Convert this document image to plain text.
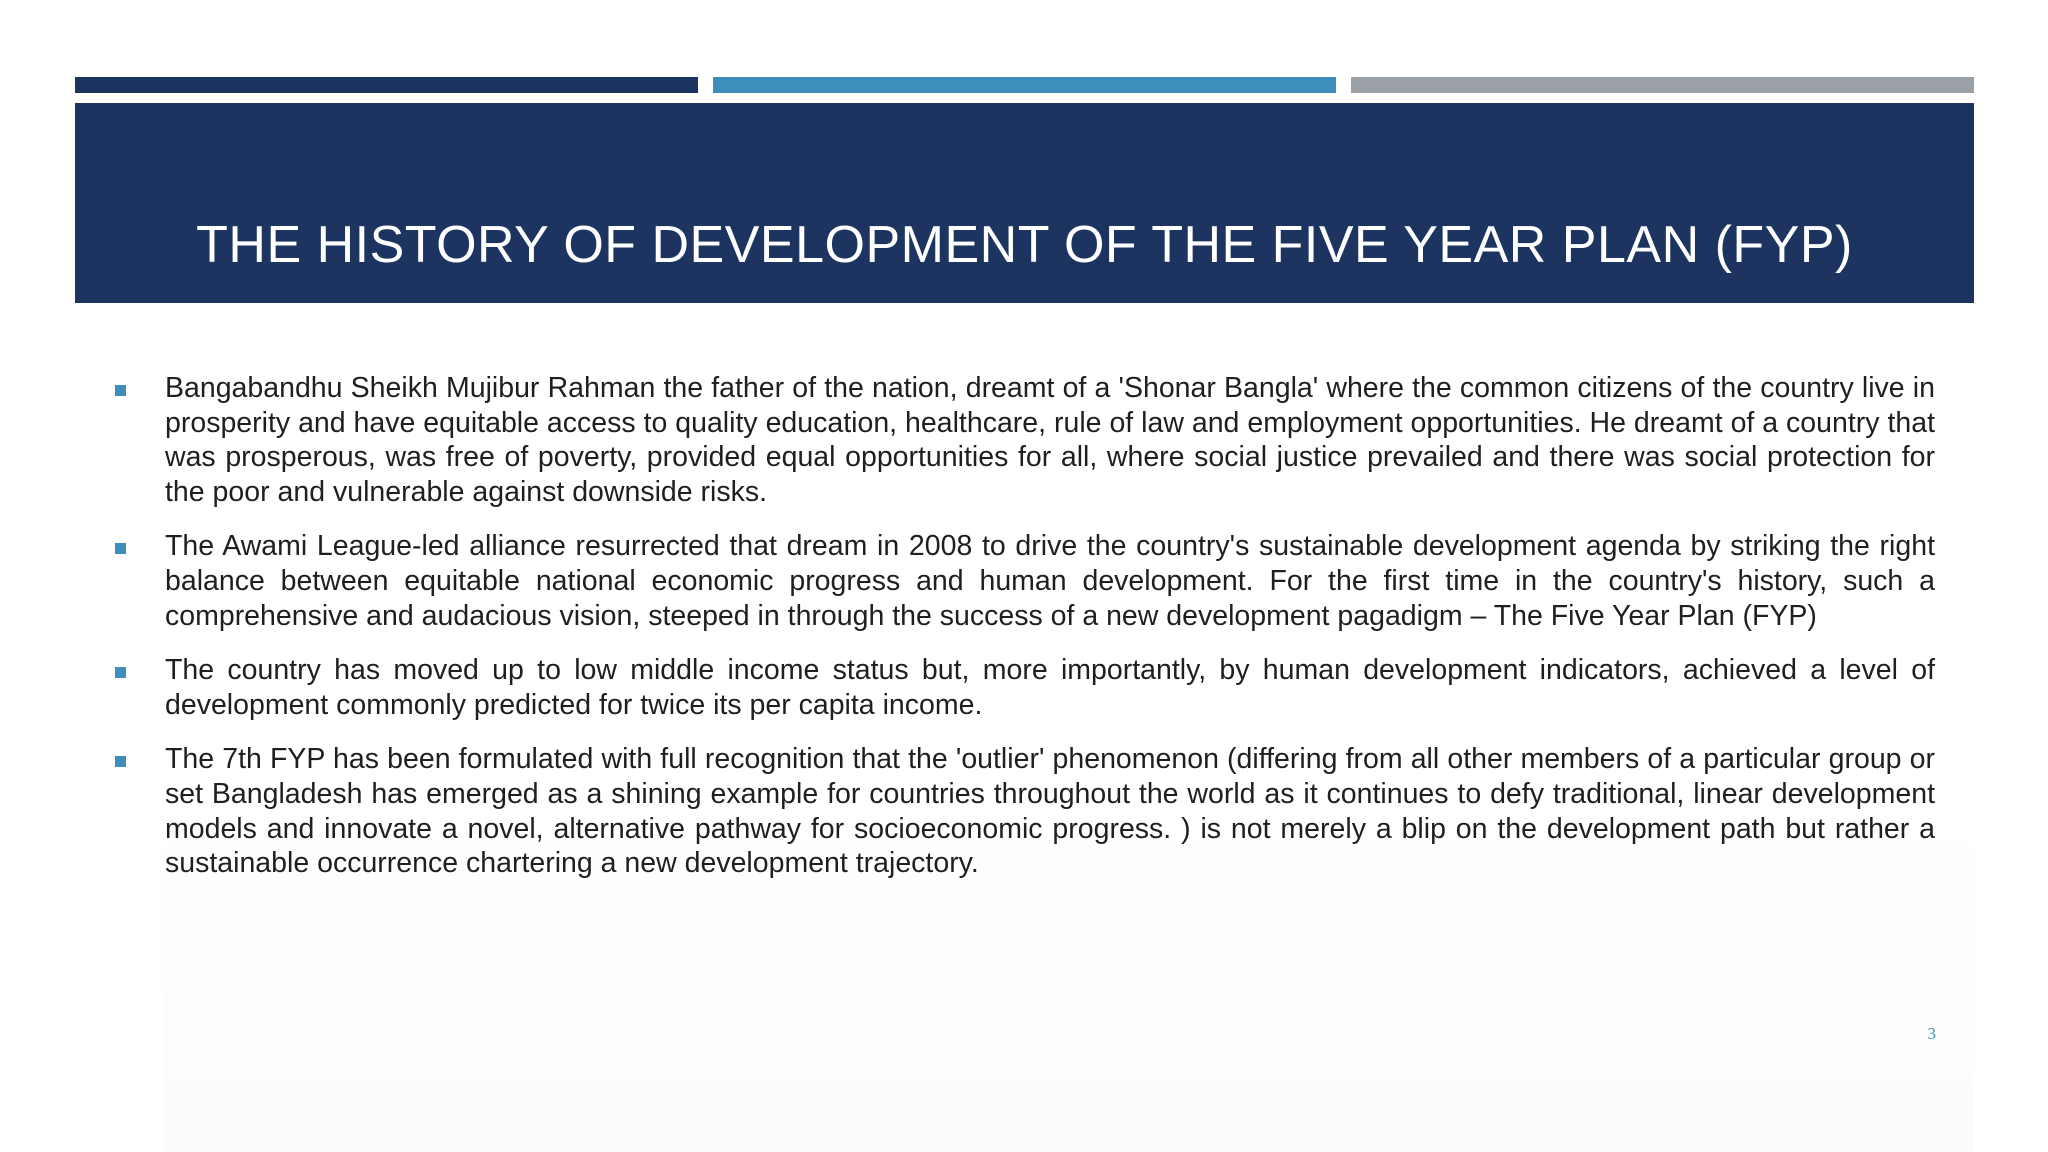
THE HISTORY OF DEVELOPMENT OF THE FIVE YEAR PLAN (FYP)
Bangabandhu Sheikh Mujibur Rahman the father of the nation, dreamt of a 'Shonar Bangla' where the common citizens of the country live in prosperity and have equitable access to quality education, healthcare, rule of law and employment opportunities. He dreamt of a country that was prosperous, was free of poverty, provided equal opportunities for all, where social justice prevailed and there was social protection for the poor and vulnerable against downside risks.
The Awami League-led alliance resurrected that dream in 2008 to drive the country's sustainable development agenda by striking the right balance between equitable national economic progress and human development. For the first time in the country's history, such a comprehensive and audacious vision, steeped in through the success of a new development pagadigm – The Five Year Plan (FYP)
The country has moved up to low middle income status but, more importantly, by human development indicators, achieved a level of development commonly predicted for twice its per capita income.
The 7th FYP has been formulated with full recognition that the 'outlier' phenomenon (differing from all other members of a particular group or set Bangladesh has emerged as a shining example for countries throughout the world as it continues to defy traditional, linear development models and innovate a novel, alternative pathway for socioeconomic progress. ) is not merely a blip on the development path but rather a sustainable occurrence chartering a new development trajectory.
3
